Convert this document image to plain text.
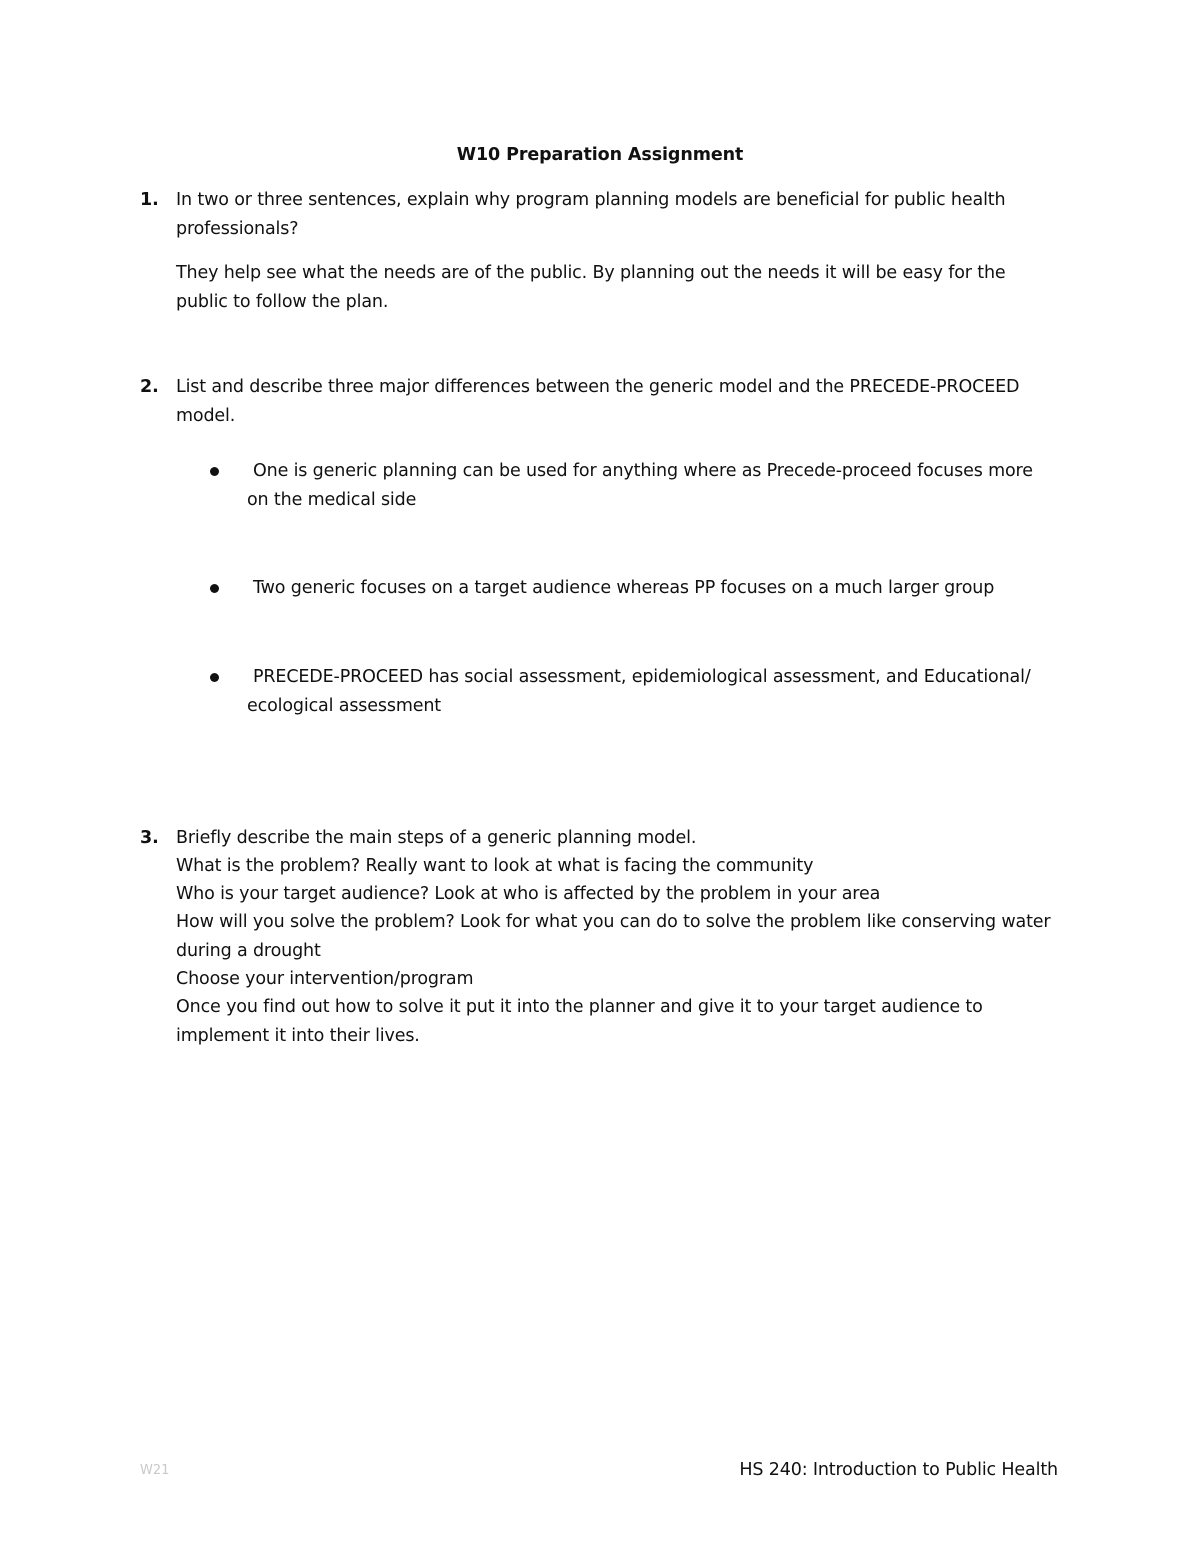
W10 Preparation Assignment
1. In two or three sentences, explain why program planning models are beneficial for public health professionals?
They help see what the needs are of the public. By planning out the needs it will be easy for the public to follow the plan.
2. List and describe three major differences between the generic model and the PRECEDE-PROCEED model.
One is generic planning can be used for anything where as Precede-proceed focuses more on the medical side
Two generic focuses on a target audience whereas PP focuses on a much larger group
PRECEDE-PROCEED has social assessment, epidemiological assessment, and Educational/ ecological assessment
3. Briefly describe the main steps of a generic planning model.
What is the problem? Really want to look at what is facing the community
Who is your target audience? Look at who is affected by the problem in your area
How will you solve the problem? Look for what you can do to solve the problem like conserving water during a drought
Choose your intervention/program
Once you find out how to solve it put it into the planner and give it to your target audience to implement it into their lives.
W21	HS 240: Introduction to Public Health
